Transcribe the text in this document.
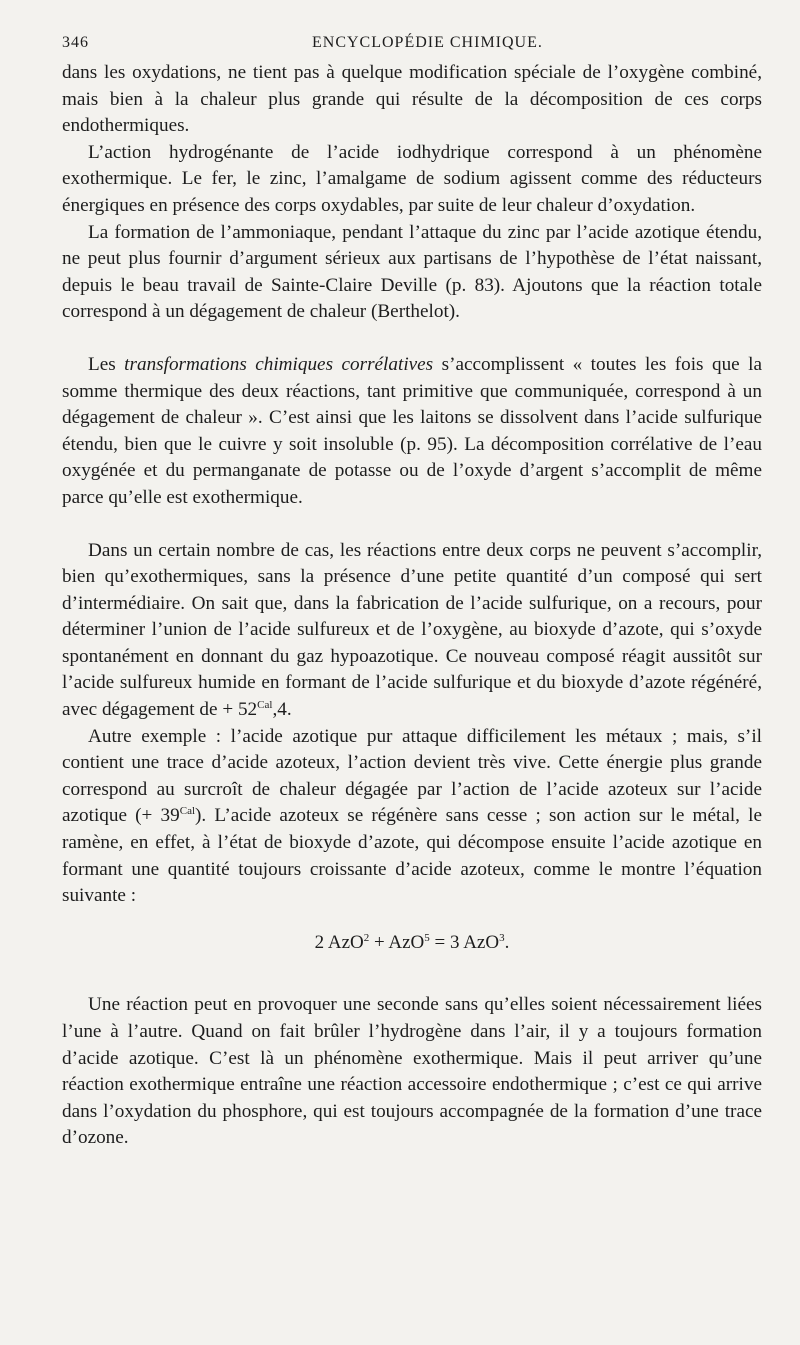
346	ENCYCLOPÉDIE CHIMIQUE.

dans les oxydations, ne tient pas à quelque modification spéciale de l’oxygène combiné, mais bien à la chaleur plus grande qui résulte de la décomposition de ces corps endothermiques.

L’action hydrogénante de l’acide iodhydrique correspond à un phénomène exothermique. Le fer, le zinc, l’amalgame de sodium agissent comme des réducteurs énergiques en présence des corps oxydables, par suite de leur chaleur d’oxydation.

La formation de l’ammoniaque, pendant l’attaque du zinc par l’acide azotique étendu, ne peut plus fournir d’argument sérieux aux partisans de l’hypothèse de l’état naissant, depuis le beau travail de Sainte-Claire Deville (p. 83). Ajoutons que la réaction totale correspond à un dégagement de chaleur (Berthelot).

Les transformations chimiques corrélatives s’accomplissent « toutes les fois que la somme thermique des deux réactions, tant primitive que communiquée, correspond à un dégagement de chaleur ». C’est ainsi que les laitons se dissolvent dans l’acide sulfurique étendu, bien que le cuivre y soit insoluble (p. 95). La décomposition corrélative de l’eau oxygénée et du permanganate de potasse ou de l’oxyde d’argent s’accomplit de même parce qu’elle est exothermique.

Dans un certain nombre de cas, les réactions entre deux corps ne peuvent s’accomplir, bien qu’exothermiques, sans la présence d’une petite quantité d’un composé qui sert d’intermédiaire. On sait que, dans la fabrication de l’acide sulfurique, on a recours, pour déterminer l’union de l’acide sulfureux et de l’oxygène, au bioxyde d’azote, qui s’oxyde spontanément en donnant du gaz hypoazotique. Ce nouveau composé réagit aussitôt sur l’acide sulfureux humide en formant de l’acide sulfurique et du bioxyde d’azote régénéré, avec dégagement de + $52^{Cal},4$.

Autre exemple : l’acide azotique pur attaque difficilement les métaux ; mais, s’il contient une trace d’acide azoteux, l’action devient très vive. Cette énergie plus grande correspond au surcroît de chaleur dégagée par l’action de l’acide azoteux sur l’acide azotique (+ $39^{Cal}$). L’acide azoteux se régénère sans cesse ; son action sur le métal, le ramène, en effet, à l’état de bioxyde d’azote, qui décompose ensuite l’acide azotique en formant une quantité toujours croissante d’acide azoteux, comme le montre l’équation suivante :

2 AzO$^2$ + AzO$^5$ = 3 AzO$^3$.

Une réaction peut en provoquer une seconde sans qu’elles soient nécessairement liées l’une à l’autre. Quand on fait brûler l’hydrogène dans l’air, il y a toujours formation d’acide azotique. C’est là un phénomène exothermique. Mais il peut arriver qu’une réaction exothermique entraîne une réaction accessoire endothermique ; c’est ce qui arrive dans l’oxydation du phosphore, qui est toujours accompagnée de la formation d’une trace d’ozone.
